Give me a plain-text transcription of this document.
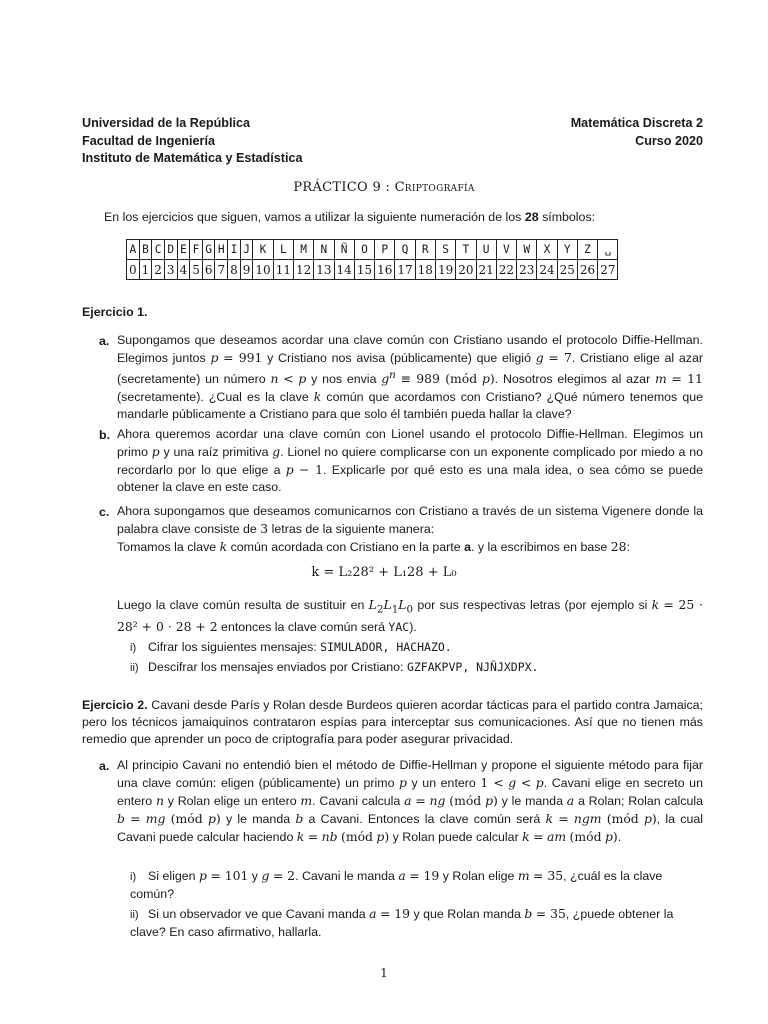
Universidad de la República
Facultad de Ingeniería
Instituto de Matemática y Estadística
Matemática Discreta 2
Curso 2020
PRÁCTICO 9 : Criptografía
En los ejercicios que siguen, vamos a utilizar la siguiente numeración de los 28 símbolos:
A	B	C	D	E	F	G	H	I	J	K	L	M	N	Ñ	O	P	Q	R	S	T	U	V	W	X	Y	Z	␣
0	1	2	3	4	5	6	7	8	9	10	11	12	13	14	15	16	17	18	19	20	21	22	23	24	25	26	27
Ejercicio 1.
a. Supongamos que deseamos acordar una clave común con Cristiano usando el protocolo Diffie-Hellman. Elegimos juntos p = 991 y Cristiano nos avisa (públicamente) que eligió g = 7. Cristiano elige al azar (secretamente) un número n < p y nos envia $g^n \equiv 989$ (mód p). Nosotros elegimos al azar m = 11 (secretamente). ¿Cual es la clave k común que acordamos con Cristiano? ¿Qué número tenemos que mandarle públicamente a Cristiano para que solo él también pueda hallar la clave?
b. Ahora queremos acordar una clave común con Lionel usando el protocolo Diffie-Hellman. Elegimos un primo p y una raíz primitiva g. Lionel no quiere complicarse con un exponente complicado por miedo a no recordarlo por lo que elige a p − 1. Explicarle por qué esto es una mala idea, o sea cómo se puede obtener la clave en este caso.
c. Ahora supongamos que deseamos comunicarnos con Cristiano a través de un sistema Vigenere donde la palabra clave consiste de 3 letras de la siguiente manera:
Tomamos la clave k común acordada con Cristiano en la parte a. y la escribimos en base 28:
k = L₂28² + L₁28 + L₀
Luego la clave común resulta de sustituir en $L_2L_1L_0$ por sus respectivas letras (por ejemplo si k = 25 · 28² + 0 · 28 + 2 entonces la clave común será YAC).
i) Cifrar los siguientes mensajes: SIMULADOR, HACHAZO.
ii) Descifrar los mensajes enviados por Cristiano: GZFAKPVP, NJÑJXDPX.
Ejercicio 2. Cavani desde París y Rolan desde Burdeos quieren acordar tácticas para el partido contra Jamaica; pero los técnicos jamaiquinos contrataron espías para interceptar sus comunicaciones. Así que no tienen más remedio que aprender un poco de criptografía para poder asegurar privacidad.
a. Al principio Cavani no entendió bien el método de Diffie-Hellman y propone el siguiente método para fijar una clave común: eligen (públicamente) un primo p y un entero 1 < g < p. Cavani elige en secreto un entero n y Rolan elige un entero m. Cavani calcula a = ng (mód p) y le manda a a Rolan; Rolan calcula b = mg (mód p) y le manda b a Cavani. Entonces la clave común será k = ngm (mód p), la cual Cavani puede calcular haciendo k = nb (mód p) y Rolan puede calcular k = am (mód p).
i) Si eligen p = 101 y g = 2. Cavani le manda a = 19 y Rolan elige m = 35, ¿cuál es la clave común?
ii) Si un observador ve que Cavani manda a = 19 y que Rolan manda b = 35, ¿puede obtener la clave? En caso afirmativo, hallarla.
1
